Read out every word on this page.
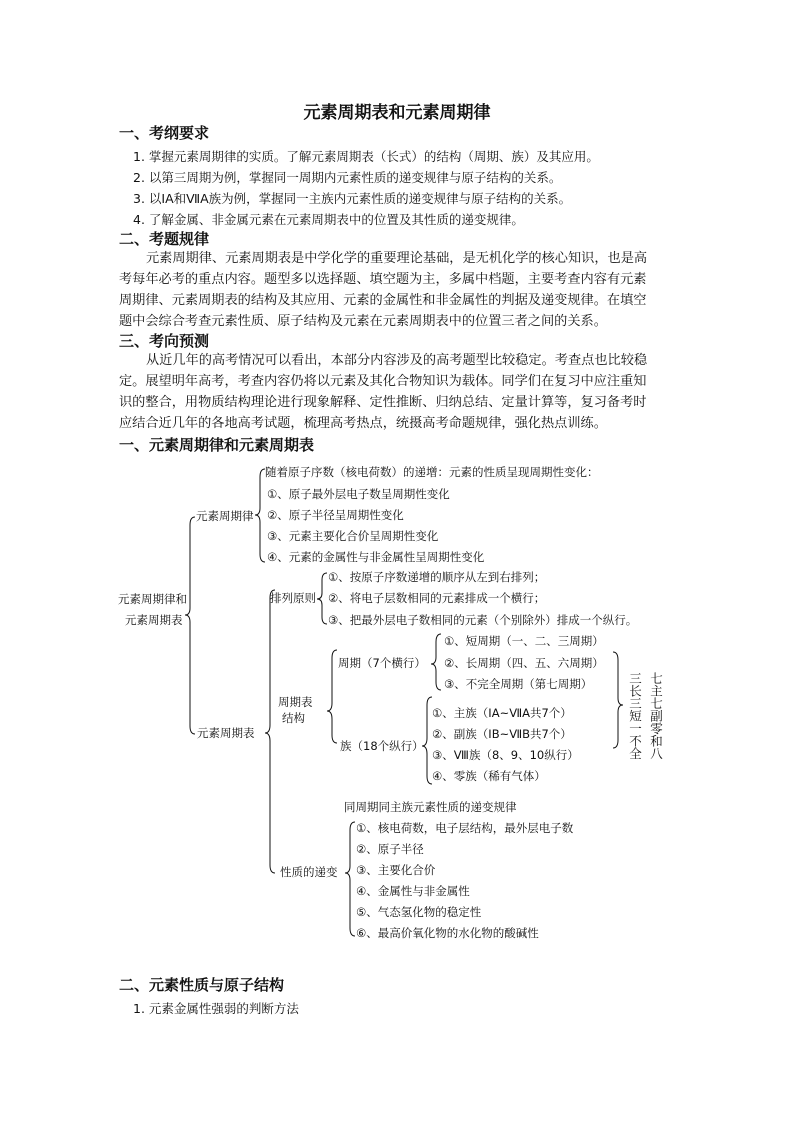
元素周期表和元素周期律
一、考纲要求
1. 掌握元素周期律的实质。了解元素周期表（长式）的结构（周期、族）及其应用。
2. 以第三周期为例，掌握同一周期内元素性质的递变规律与原子结构的关系。
3. 以ⅠA和ⅦA族为例，掌握同一主族内元素性质的递变规律与原子结构的关系。
4. 了解金属、非金属元素在元素周期表中的位置及其性质的递变规律。
二、考题规律
元素周期律、元素周期表是中学化学的重要理论基础，是无机化学的核心知识，也是高
考每年必考的重点内容。题型多以选择题、填空题为主，多属中档题，主要考查内容有元素
周期律、元素周期表的结构及其应用、元素的金属性和非金属性的判据及递变规律。在填空
题中会综合考查元素性质、原子结构及元素在元素周期表中的位置三者之间的关系。
三、考向预测
从近几年的高考情况可以看出，本部分内容涉及的高考题型比较稳定。考查点也比较稳
定。展望明年高考，考查内容仍将以元素及其化合物知识为载体。同学们在复习中应注重知
识的整合，用物质结构理论进行现象解释、定性推断、归纳总结、定量计算等，复习备考时
应结合近几年的各地高考试题，梳理高考热点，统摄高考命题规律，强化热点训练。
一、元素周期律和元素周期表
元素周期律和
元素周期表
元素周期律
随着原子序数（核电荷数）的递增：元素的性质呈现周期性变化：
①、原子最外层电子数呈周期性变化
②、原子半径呈周期性变化
③、元素主要化合价呈周期性变化
④、元素的金属性与非金属性呈周期性变化
元素周期表
排列原则
①、按原子序数递增的顺序从左到右排列；
②、将电子层数相同的元素排成一个横行；
③、把最外层电子数相同的元素（个别除外）排成一个纵行。
周期表
结构
周期（7个横行）
①、短周期（一、二、三周期）
②、长周期（四、五、六周期）
③、不完全周期（第七周期）
族（18个纵行）
①、主族（ⅠA~ⅦA共7个）
②、副族（ⅠB~ⅦB共7个）
③、Ⅷ族（8、9、10纵行）
④、零族（稀有气体）
三长三短一不全 七主七副零和八
同周期同主族元素性质的递变规律
性质的递变
①、核电荷数，电子层结构，最外层电子数
②、原子半径
③、主要化合价
④、金属性与非金属性
⑤、气态氢化物的稳定性
⑥、最高价氧化物的水化物的酸碱性
二、元素性质与原子结构
1. 元素金属性强弱的判断方法
